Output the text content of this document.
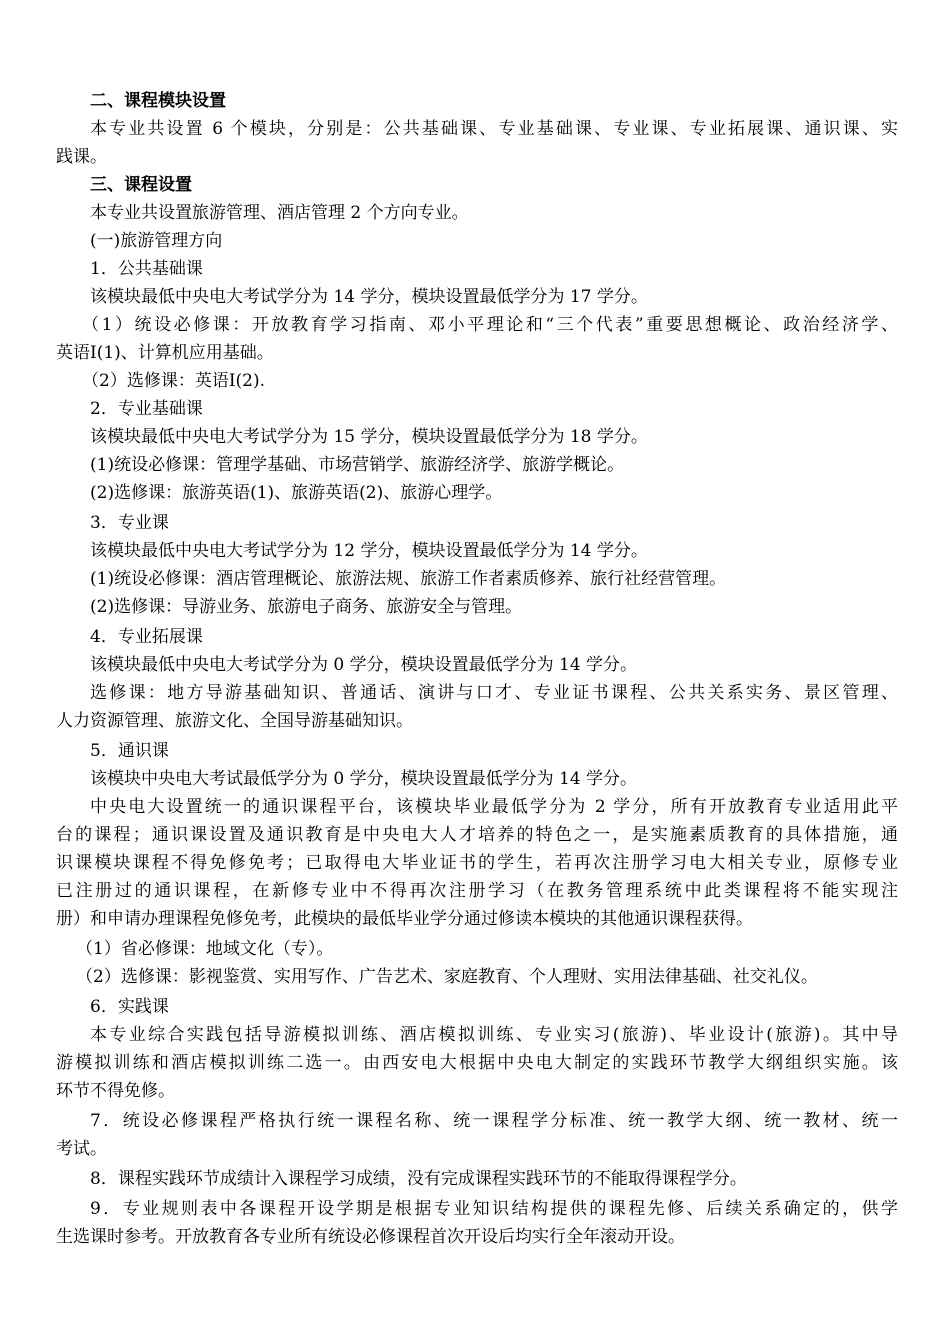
二、课程模块设置
本专业共设置 6 个模块，分别是：公共基础课、专业基础课、专业课、专业拓展课、通识课、实
践课。
三、课程设置
本专业共设置旅游管理、酒店管理 2 个方向专业。
(一)旅游管理方向
1．公共基础课
该模块最低中央电大考试学分为 14 学分，模块设置最低学分为 17 学分。
（1）统设必修课：开放教育学习指南、邓小平理论和“三个代表”重要思想概论、政治经济学、
英语Ⅰ(1)、计算机应用基础。
（2）选修课：英语Ⅰ(2).
2．专业基础课
该模块最低中央电大考试学分为 15 学分，模块设置最低学分为 18 学分。
(1)统设必修课：管理学基础、市场营销学、旅游经济学、旅游学概论。
(2)选修课：旅游英语(1)、旅游英语(2)、旅游心理学。
3．专业课
该模块最低中央电大考试学分为 12 学分，模块设置最低学分为 14 学分。
(1)统设必修课：酒店管理概论、旅游法规、旅游工作者素质修养、旅行社经营管理。
(2)选修课：导游业务、旅游电子商务、旅游安全与管理。
4．专业拓展课
该模块最低中央电大考试学分为 0 学分，模块设置最低学分为 14 学分。
选修课：地方导游基础知识、普通话、演讲与口才、专业证书课程、公共关系实务、景区管理、
人力资源管理、旅游文化、全国导游基础知识。
5．通识课
该模块中央电大考试最低学分为 0 学分，模块设置最低学分为 14 学分。
中央电大设置统一的通识课程平台，该模块毕业最低学分为 2 学分，所有开放教育专业适用此平
台的课程；通识课设置及通识教育是中央电大人才培养的特色之一，是实施素质教育的具体措施，通
识课模块课程不得免修免考；已取得电大毕业证书的学生，若再次注册学习电大相关专业，原修专业
已注册过的通识课程，在新修专业中不得再次注册学习（在教务管理系统中此类课程将不能实现注
册）和申请办理课程免修免考，此模块的最低毕业学分通过修读本模块的其他通识课程获得。
（1）省必修课：地域文化（专）。
（2）选修课：影视鉴赏、实用写作、广告艺术、家庭教育、个人理财、实用法律基础、社交礼仪。
6．实践课
本专业综合实践包括导游模拟训练、酒店模拟训练、专业实习(旅游)、毕业设计(旅游)。其中导
游模拟训练和酒店模拟训练二选一。由西安电大根据中央电大制定的实践环节教学大纲组织实施。该
环节不得免修。
7．统设必修课程严格执行统一课程名称、统一课程学分标准、统一教学大纲、统一教材、统一
考试。
8．课程实践环节成绩计入课程学习成绩，没有完成课程实践环节的不能取得课程学分。
9．专业规则表中各课程开设学期是根据专业知识结构提供的课程先修、后续关系确定的，供学
生选课时参考。开放教育各专业所有统设必修课程首次开设后均实行全年滚动开设。
